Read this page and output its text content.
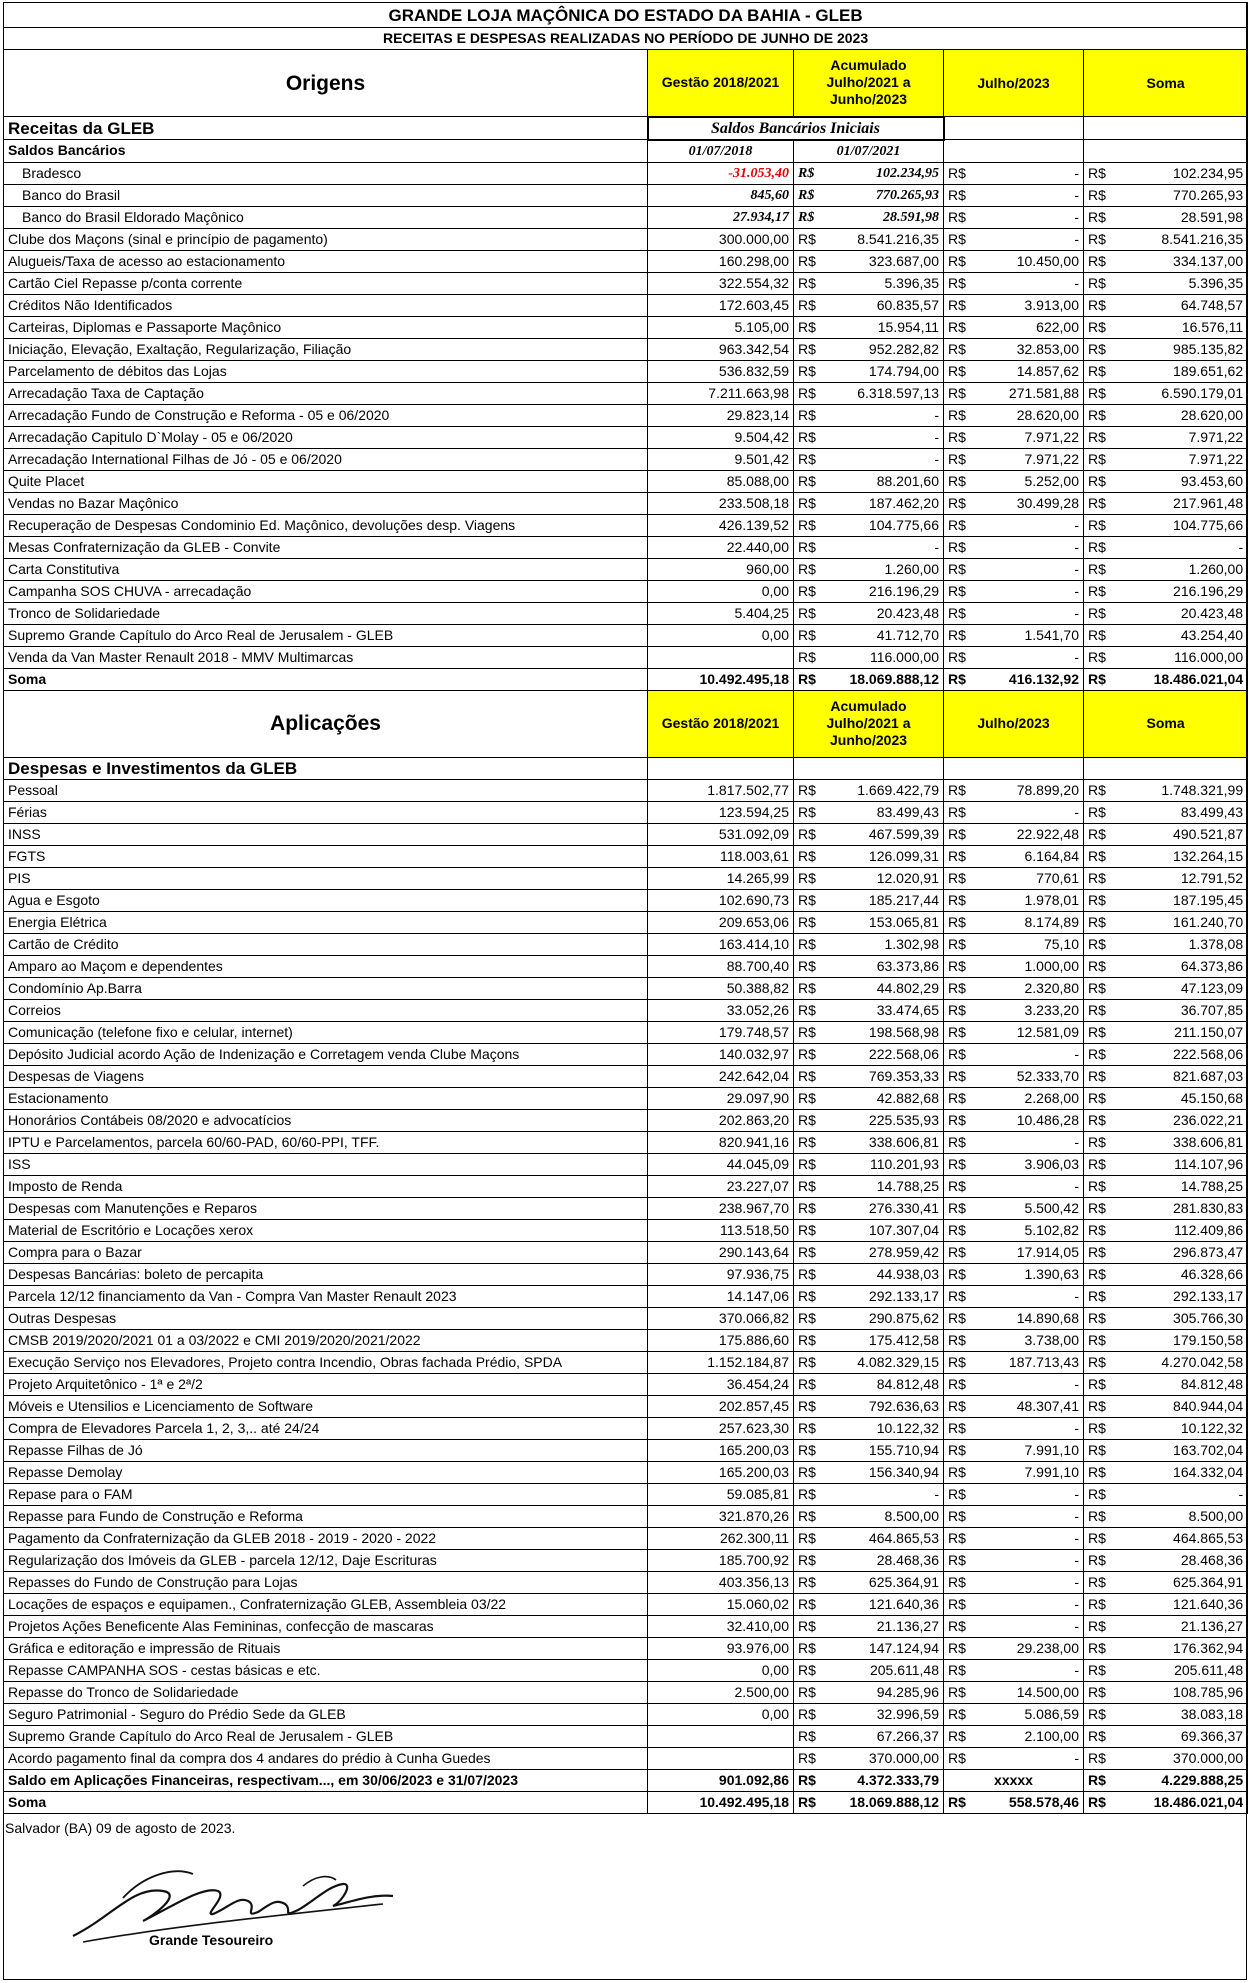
GRANDE LOJA MAÇÔNICA DO ESTADO DA BAHIA - GLEB							
RECEITAS E DESPESAS REALIZADAS NO PERÍODO DE JUNHO DE 2023							
Origens	Gestão 2018/2021	Acumulado Julho/2021 a Junho/2023		Julho/2023		Soma	
Receitas da GLEB	Saldos Bancários Iniciais						
Saldos Bancários	01/07/2018	01/07/2021					
Bradesco	-31.053,40	R$	102.234,95	R$	-	R$	102.234,95
Banco do Brasil	845,60	R$	770.265,93	R$	-	R$	770.265,93
Banco do Brasil Eldorado Maçônico	27.934,17	R$	28.591,98	R$	-	R$	28.591,98
Clube dos Maçons (sinal e princípio de pagamento)	300.000,00	R$	8.541.216,35	R$	-	R$	8.541.216,35
Alugueis/Taxa de acesso ao estacionamento	160.298,00	R$	323.687,00	R$	10.450,00	R$	334.137,00
Cartão Ciel Repasse p/conta corrente	322.554,32	R$	5.396,35	R$	-	R$	5.396,35
Créditos Não Identificados	172.603,45	R$	60.835,57	R$	3.913,00	R$	64.748,57
Carteiras, Diplomas e Passaporte Maçônico	5.105,00	R$	15.954,11	R$	622,00	R$	16.576,11
Iniciação, Elevação, Exaltação, Regularização, Filiação	963.342,54	R$	952.282,82	R$	32.853,00	R$	985.135,82
Parcelamento de débitos das Lojas	536.832,59	R$	174.794,00	R$	14.857,62	R$	189.651,62
Arrecadação Taxa de Captação	7.211.663,98	R$	6.318.597,13	R$	271.581,88	R$	6.590.179,01
Arrecadação Fundo de Construção e Reforma - 05 e 06/2020	29.823,14	R$	-	R$	28.620,00	R$	28.620,00
Arrecadação Capitulo D`Molay - 05 e 06/2020	9.504,42	R$	-	R$	7.971,22	R$	7.971,22
Arrecadação International Filhas de Jó - 05 e 06/2020	9.501,42	R$	-	R$	7.971,22	R$	7.971,22
Quite Placet	85.088,00	R$	88.201,60	R$	5.252,00	R$	93.453,60
Vendas no Bazar Maçônico	233.508,18	R$	187.462,20	R$	30.499,28	R$	217.961,48
Recuperação de Despesas Condominio Ed. Maçônico, devoluções desp. Viagens	426.139,52	R$	104.775,66	R$	-	R$	104.775,66
Mesas Confraternização da GLEB - Convite	22.440,00	R$	-	R$	-	R$	-
Carta Constitutiva	960,00	R$	1.260,00	R$	-	R$	1.260,00
Campanha SOS CHUVA - arrecadação	0,00	R$	216.196,29	R$	-	R$	216.196,29
Tronco de Solidariedade	5.404,25	R$	20.423,48	R$	-	R$	20.423,48
Supremo Grande Capítulo do Arco Real de Jerusalem - GLEB	0,00	R$	41.712,70	R$	1.541,70	R$	43.254,40
Venda da Van Master Renault 2018 - MMV Multimarcas		R$	116.000,00	R$	-	R$	116.000,00
Soma	10.492.495,18	R$	18.069.888,12	R$	416.132,92	R$	18.486.021,04
Aplicações	Gestão 2018/2021	Acumulado Julho/2021 a Junho/2023		Julho/2023		Soma	
Despesas e Investimentos da GLEB							
Pessoal	1.817.502,77	R$	1.669.422,79	R$	78.899,20	R$	1.748.321,99
Férias	123.594,25	R$	83.499,43	R$	-	R$	83.499,43
INSS	531.092,09	R$	467.599,39	R$	22.922,48	R$	490.521,87
FGTS	118.003,61	R$	126.099,31	R$	6.164,84	R$	132.264,15
PIS	14.265,99	R$	12.020,91	R$	770,61	R$	12.791,52
Agua e Esgoto	102.690,73	R$	185.217,44	R$	1.978,01	R$	187.195,45
Energia Elétrica	209.653,06	R$	153.065,81	R$	8.174,89	R$	161.240,70
Cartão de Crédito	163.414,10	R$	1.302,98	R$	75,10	R$	1.378,08
Amparo ao Maçom e dependentes	88.700,40	R$	63.373,86	R$	1.000,00	R$	64.373,86
Condomínio Ap.Barra	50.388,82	R$	44.802,29	R$	2.320,80	R$	47.123,09
Correios	33.052,26	R$	33.474,65	R$	3.233,20	R$	36.707,85
Comunicação (telefone fixo e celular, internet)	179.748,57	R$	198.568,98	R$	12.581,09	R$	211.150,07
Depósito Judicial acordo Ação de Indenização e Corretagem venda Clube Maçons	140.032,97	R$	222.568,06	R$	-	R$	222.568,06
Despesas de Viagens	242.642,04	R$	769.353,33	R$	52.333,70	R$	821.687,03
Estacionamento	29.097,90	R$	42.882,68	R$	2.268,00	R$	45.150,68
Honorários Contábeis 08/2020 e advocatícios	202.863,20	R$	225.535,93	R$	10.486,28	R$	236.022,21
IPTU e Parcelamentos, parcela 60/60-PAD, 60/60-PPI, TFF.	820.941,16	R$	338.606,81	R$	-	R$	338.606,81
ISS	44.045,09	R$	110.201,93	R$	3.906,03	R$	114.107,96
Imposto de Renda	23.227,07	R$	14.788,25	R$	-	R$	14.788,25
Despesas com Manutenções e Reparos	238.967,70	R$	276.330,41	R$	5.500,42	R$	281.830,83
Material de Escritório e Locações xerox	113.518,50	R$	107.307,04	R$	5.102,82	R$	112.409,86
Compra para o Bazar	290.143,64	R$	278.959,42	R$	17.914,05	R$	296.873,47
Despesas Bancárias: boleto de percapita	97.936,75	R$	44.938,03	R$	1.390,63	R$	46.328,66
Parcela 12/12 financiamento da Van - Compra Van Master Renault 2023	14.147,06	R$	292.133,17	R$	-	R$	292.133,17
Outras Despesas	370.066,82	R$	290.875,62	R$	14.890,68	R$	305.766,30
CMSB 2019/2020/2021 01 a 03/2022 e CMI 2019/2020/2021/2022	175.886,60	R$	175.412,58	R$	3.738,00	R$	179.150,58
Execução Serviço nos Elevadores, Projeto contra Incendio, Obras fachada Prédio, SPDA	1.152.184,87	R$	4.082.329,15	R$	187.713,43	R$	4.270.042,58
Projeto Arquitetônico - 1ª e 2ª/2	36.454,24	R$	84.812,48	R$	-	R$	84.812,48
Móveis e Utensilios e Licenciamento de Software	202.857,45	R$	792.636,63	R$	48.307,41	R$	840.944,04
Compra de Elevadores Parcela 1, 2, 3,.. até 24/24	257.623,30	R$	10.122,32	R$	-	R$	10.122,32
Repasse Filhas de Jó	165.200,03	R$	155.710,94	R$	7.991,10	R$	163.702,04
Repasse Demolay	165.200,03	R$	156.340,94	R$	7.991,10	R$	164.332,04
Repase para o FAM	59.085,81	R$	-	R$	-	R$	-
Repasse para Fundo de Construção e Reforma	321.870,26	R$	8.500,00	R$	-	R$	8.500,00
Pagamento da Confraternização da GLEB 2018 - 2019 - 2020 - 2022	262.300,11	R$	464.865,53	R$	-	R$	464.865,53
Regularização dos Imóveis da GLEB - parcela 12/12, Daje Escrituras	185.700,92	R$	28.468,36	R$	-	R$	28.468,36
Repasses do Fundo de Construção para Lojas	403.356,13	R$	625.364,91	R$	-	R$	625.364,91
Locações de espaços e equipamen., Confraternização GLEB, Assembleia 03/22	15.060,02	R$	121.640,36	R$	-	R$	121.640,36
Projetos Ações Beneficente Alas Femininas, confecção de mascaras	32.410,00	R$	21.136,27	R$	-	R$	21.136,27
Gráfica e editoração e impressão de Rituais	93.976,00	R$	147.124,94	R$	29.238,00	R$	176.362,94
Repasse CAMPANHA SOS - cestas básicas e etc.	0,00	R$	205.611,48	R$	-	R$	205.611,48
Repasse do Tronco de Solidariedade	2.500,00	R$	94.285,96	R$	14.500,00	R$	108.785,96
Seguro Patrimonial - Seguro do Prédio Sede da GLEB	0,00	R$	32.996,59	R$	5.086,59	R$	38.083,18
Supremo Grande Capítulo do Arco Real de Jerusalem - GLEB		R$	67.266,37	R$	2.100,00	R$	69.366,37
Acordo pagamento final da compra dos 4 andares do prédio à Cunha Guedes		R$	370.000,00	R$	-	R$	370.000,00
Saldo em Aplicações Financeiras, respectivam..., em 30/06/2023 e 31/07/2023	901.092,86	R$	4.372.333,79	xxxxx		R$	4.229.888,25
Soma	10.492.495,18	R$	18.069.888,12	R$	558.578,46	R$	18.486.021,04
Salvador (BA) 09 de agosto de 2023.
Grande Tesoureiro
